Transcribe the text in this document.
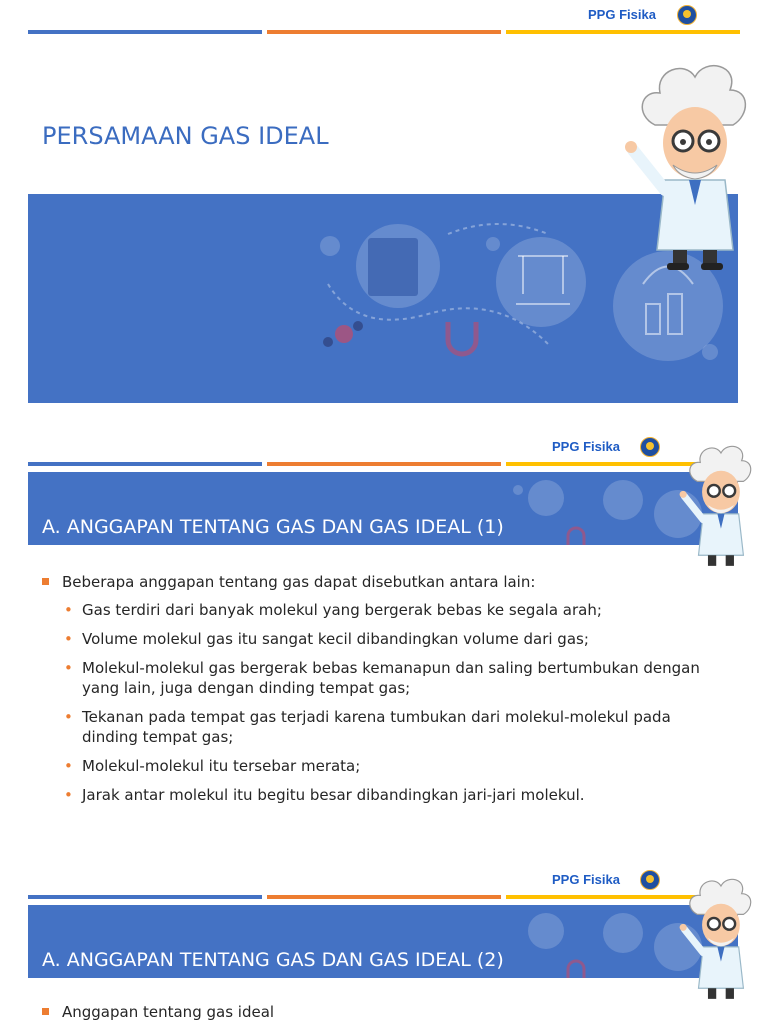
PPG Fisika
PERSAMAAN GAS IDEAL
PPG Fisika
A. ANGGAPAN TENTANG GAS DAN GAS IDEAL (1)
Beberapa anggapan tentang gas dapat disebutkan antara lain:
• Gas terdiri dari banyak molekul yang bergerak bebas ke segala arah;
• Volume molekul gas itu sangat kecil dibandingkan volume dari gas;
• Molekul-molekul gas bergerak bebas kemanapun dan saling bertumbukan dengan yang lain, juga dengan dinding tempat gas;
• Tekanan pada tempat gas terjadi karena tumbukan dari molekul-molekul pada dinding tempat gas;
• Molekul-molekul itu tersebar merata;
• Jarak antar molekul itu begitu besar dibandingkan jari-jari molekul.
PPG Fisika
A. ANGGAPAN TENTANG GAS DAN GAS IDEAL (2)
Anggapan tentang gas ideal
